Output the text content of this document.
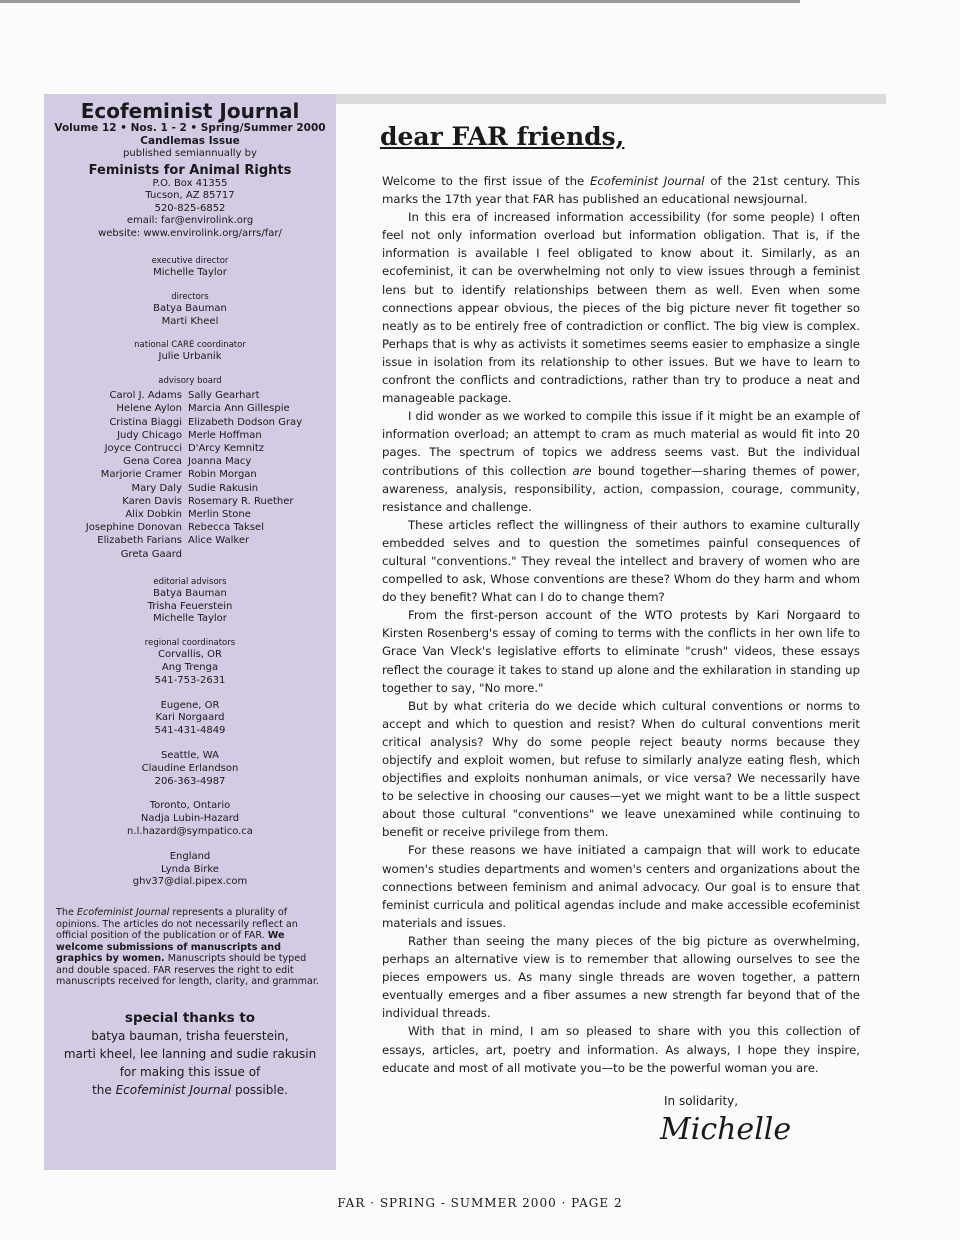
Ecofeminist Journal
Volume 12 • Nos. 1 - 2 • Spring/Summer 2000
Candlemas Issue
published semiannually by
Feminists for Animal Rights
P.O. Box 41355
Tucson, AZ 85717
520-825-6852
email: far@envirolink.org
website: www.envirolink.org/arrs/far/
executive director
Michelle Taylor
directors
Batya Bauman
Marti Kheel
national CARE coordinator
Julie Urbanik
advisory board
Carol J. Adams
Helene Aylon
Cristina Biaggi
Judy Chicago
Joyce Contrucci
Gena Corea
Marjorie Cramer
Mary Daly
Karen Davis
Alix Dobkin
Josephine Donovan
Elizabeth Farians
Greta Gaard
Sally Gearhart
Marcia Ann Gillespie
Elizabeth Dodson Gray
Merle Hoffman
D'Arcy Kemnitz
Joanna Macy
Robin Morgan
Sudie Rakusin
Rosemary R. Ruether
Merlin Stone
Rebecca Taksel
Alice Walker
editorial advisors
Batya Bauman
Trisha Feuerstein
Michelle Taylor
regional coordinators
Corvallis, OR
Ang Trenga
541-753-2631
Eugene, OR
Kari Norgaard
541-431-4849
Seattle, WA
Claudine Erlandson
206-363-4987
Toronto, Ontario
Nadja Lubin-Hazard
n.l.hazard@sympatico.ca
England
Lynda Birke
ghv37@dial.pipex.com
The Ecofeminist Journal represents a plurality of opinions. The articles do not necessarily reflect an official position of the publication or of FAR. We welcome submissions of manuscripts and graphics by women. Manuscripts should be typed and double spaced. FAR reserves the right to edit manuscripts received for length, clarity, and grammar.
special thanks to
batya bauman, trisha feuerstein,
marti kheel, lee lanning and sudie rakusin
for making this issue of
the Ecofeminist Journal possible.
dear FAR friends,

Welcome to the first issue of the Ecofeminist Journal of the 21st century. This marks the 17th year that FAR has published an educational newsjournal.

In this era of increased information accessibility (for some people) I often feel not only information overload but information obligation. That is, if the information is available I feel obligated to know about it. Similarly, as an ecofeminist, it can be overwhelming not only to view issues through a feminist lens but to identify relationships between them as well. Even when some connections appear obvious, the pieces of the big picture never fit together so neatly as to be entirely free of contradiction or conflict. The big view is complex. Perhaps that is why as activists it sometimes seems easier to emphasize a single issue in isolation from its relationship to other issues. But we have to learn to confront the conflicts and contradictions, rather than try to produce a neat and manageable package.

I did wonder as we worked to compile this issue if it might be an example of information overload; an attempt to cram as much material as would fit into 20 pages. The spectrum of topics we address seems vast. But the individual contributions of this collection are bound together—sharing themes of power, awareness, analysis, responsibility, action, compassion, courage, community, resistance and challenge.

These articles reflect the willingness of their authors to examine culturally embedded selves and to question the sometimes painful consequences of cultural "conventions." They reveal the intellect and bravery of women who are compelled to ask, Whose conventions are these? Whom do they harm and whom do they benefit? What can I do to change them?

From the first-person account of the WTO protests by Kari Norgaard to Kirsten Rosenberg's essay of coming to terms with the conflicts in her own life to Grace Van Vleck's legislative efforts to eliminate "crush" videos, these essays reflect the courage it takes to stand up alone and the exhilaration in standing up together to say, "No more."

But by what criteria do we decide which cultural conventions or norms to accept and which to question and resist? When do cultural conventions merit critical analysis? Why do some people reject beauty norms because they objectify and exploit women, but refuse to similarly analyze eating flesh, which objectifies and exploits nonhuman animals, or vice versa? We necessarily have to be selective in choosing our causes—yet we might want to be a little suspect about those cultural "conventions" we leave unexamined while continuing to benefit or receive privilege from them.

For these reasons we have initiated a campaign that will work to educate women's studies departments and women's centers and organizations about the connections between feminism and animal advocacy. Our goal is to ensure that feminist curricula and political agendas include and make accessible ecofeminist materials and issues.

Rather than seeing the many pieces of the big picture as overwhelming, perhaps an alternative view is to remember that allowing ourselves to see the pieces empowers us. As many single threads are woven together, a pattern eventually emerges and a fiber assumes a new strength far beyond that of the individual threads.

With that in mind, I am so pleased to share with you this collection of essays, articles, art, poetry and information. As always, I hope they inspire, educate and most of all motivate you—to be the powerful woman you are.

In solidarity,
Michelle
FAR · SPRING - SUMMER 2000 · PAGE 2
